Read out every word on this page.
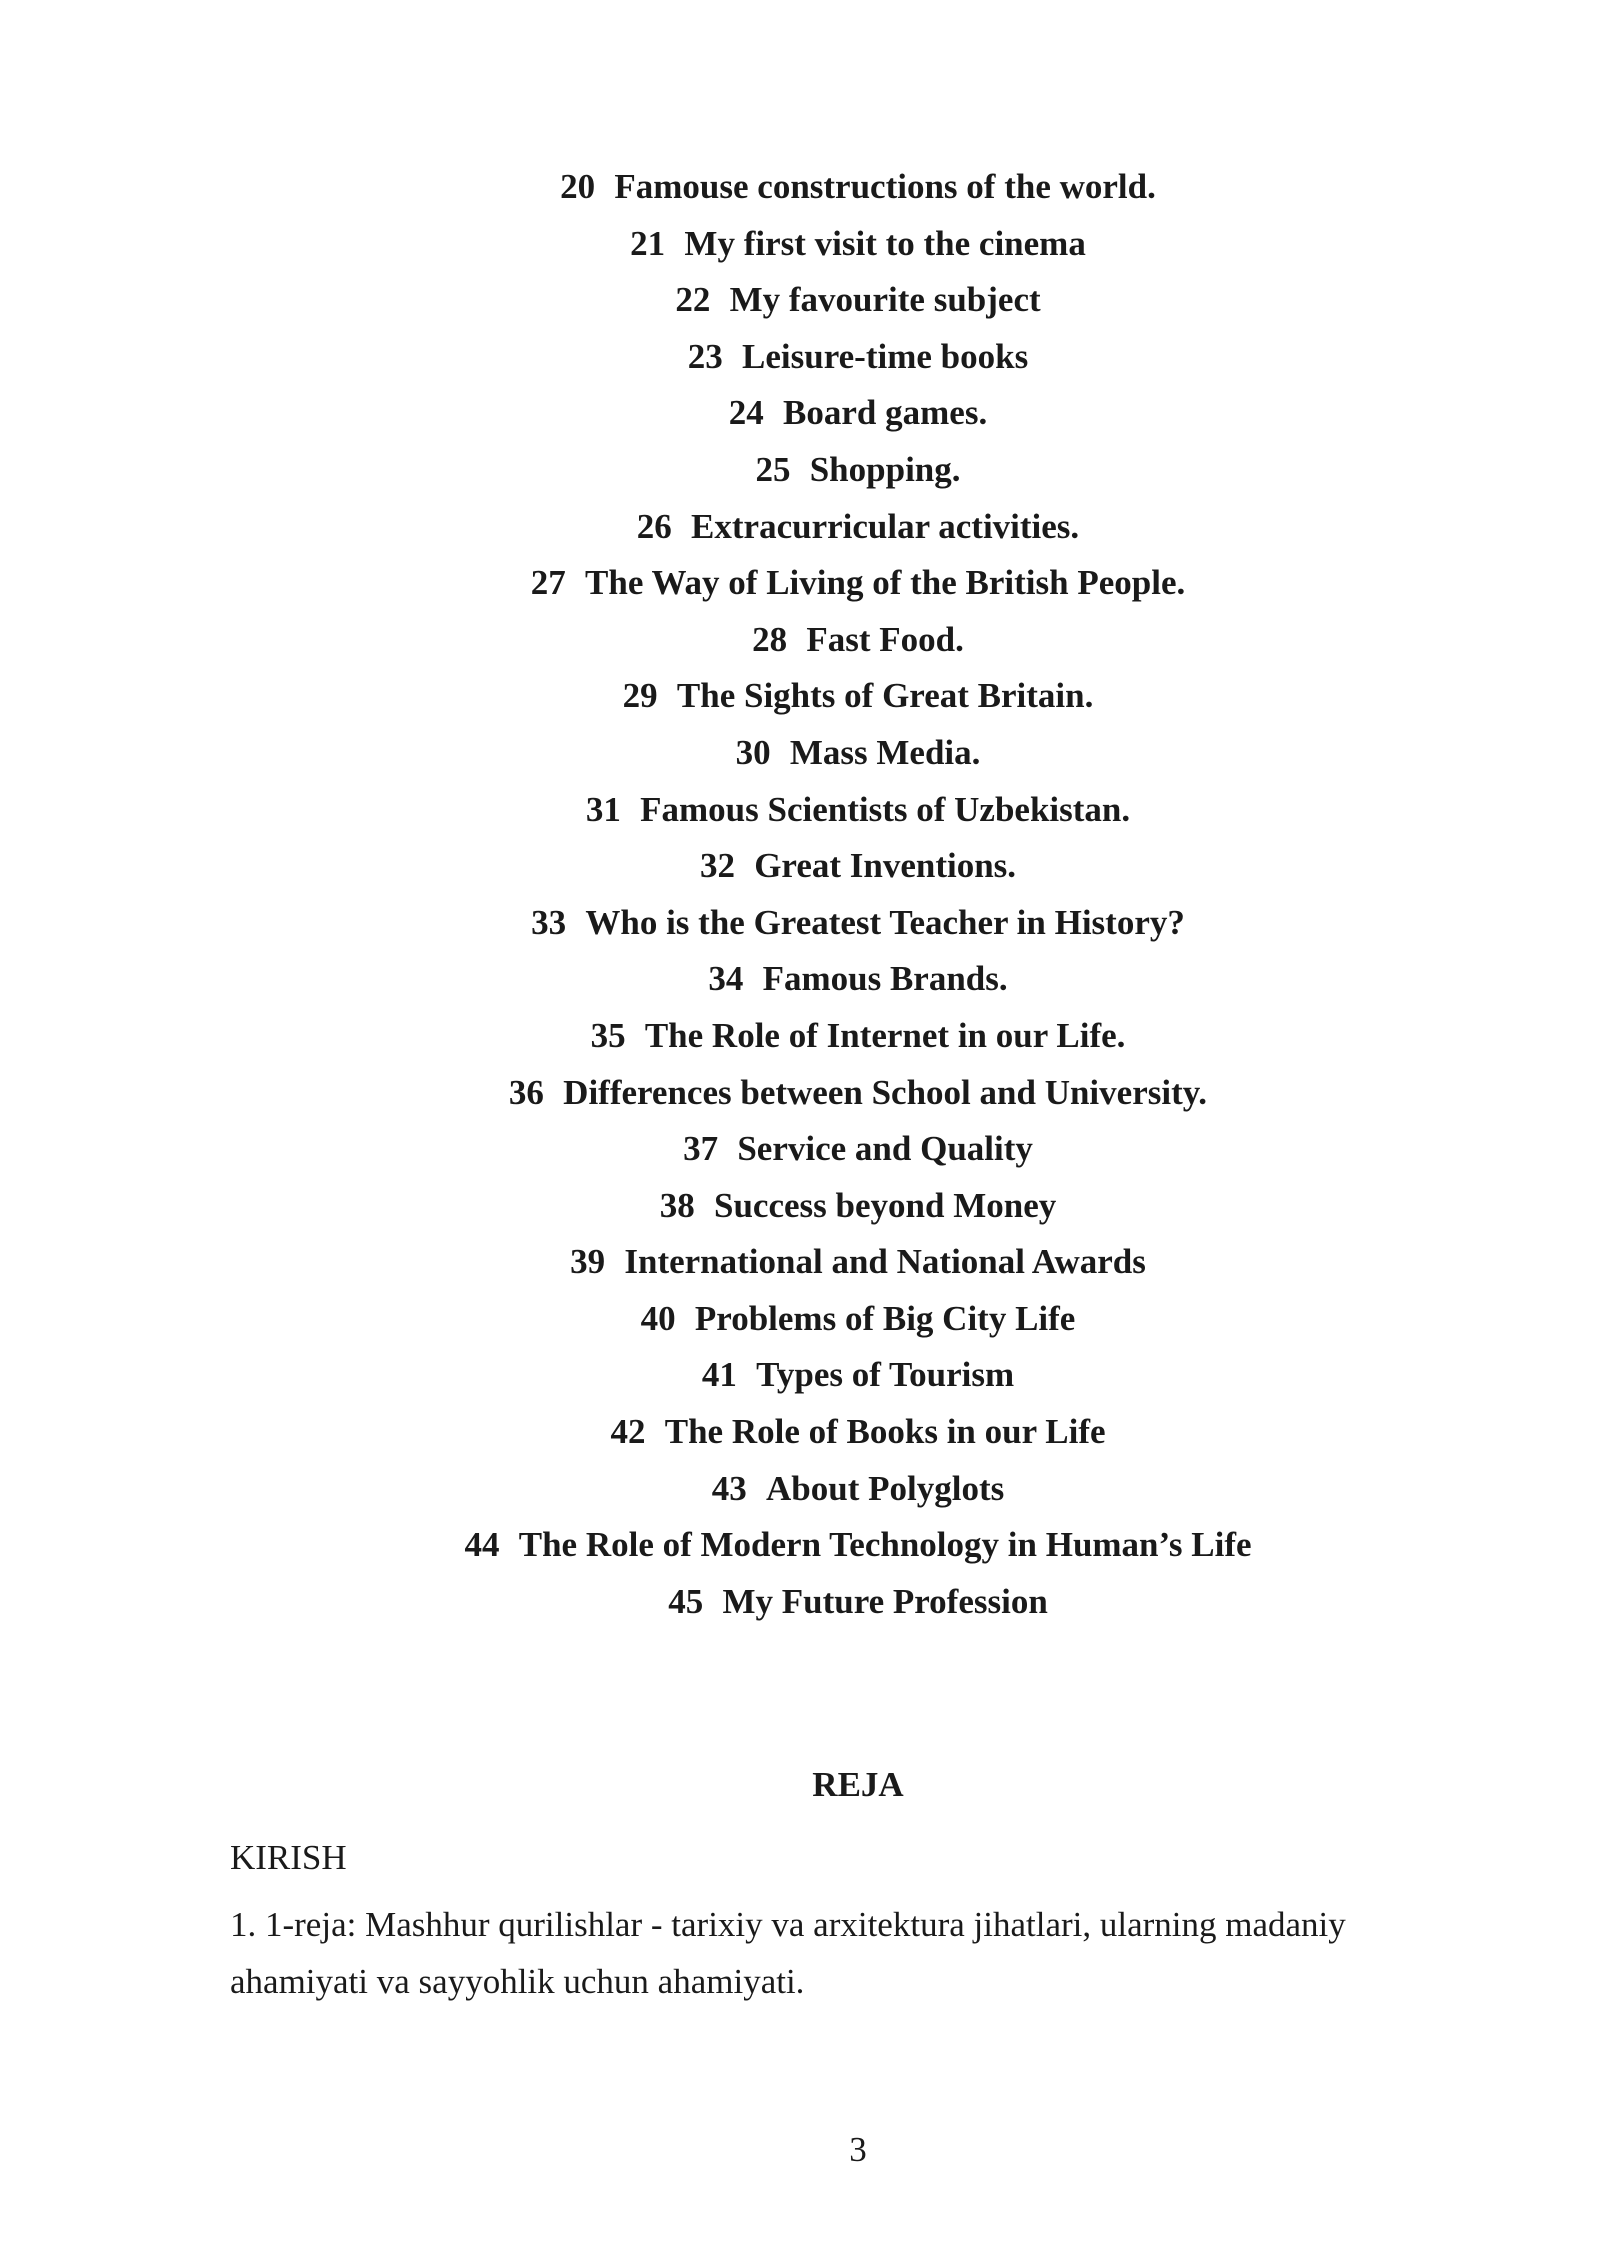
20 Famouse constructions of the world.
21 My first visit to the cinema
22 My favourite subject
23 Leisure-time books
24 Board games.
25 Shopping.
26 Extracurricular activities.
27 The Way of Living of the British People.
28 Fast Food.
29 The Sights of Great Britain.
30 Mass Media.
31 Famous Scientists of Uzbekistan.
32 Great Inventions.
33 Who is the Greatest Teacher in History?
34 Famous Brands.
35 The Role of Internet in our Life.
36 Differences between School and University.
37 Service and Quality
38 Success beyond Money
39 International and National Awards
40 Problems of Big City Life
41 Types of Tourism
42 The Role of Books in our Life
43 About Polyglots
44 The Role of Modern Technology in Human’s Life
45 My Future Profession
REJA

KIRISH

1. 1-reja: Mashhur qurilishlar - tarixiy va arxitektura jihatlari, ularning madaniy ahamiyati va sayyohlik uchun ahamiyati.

3
